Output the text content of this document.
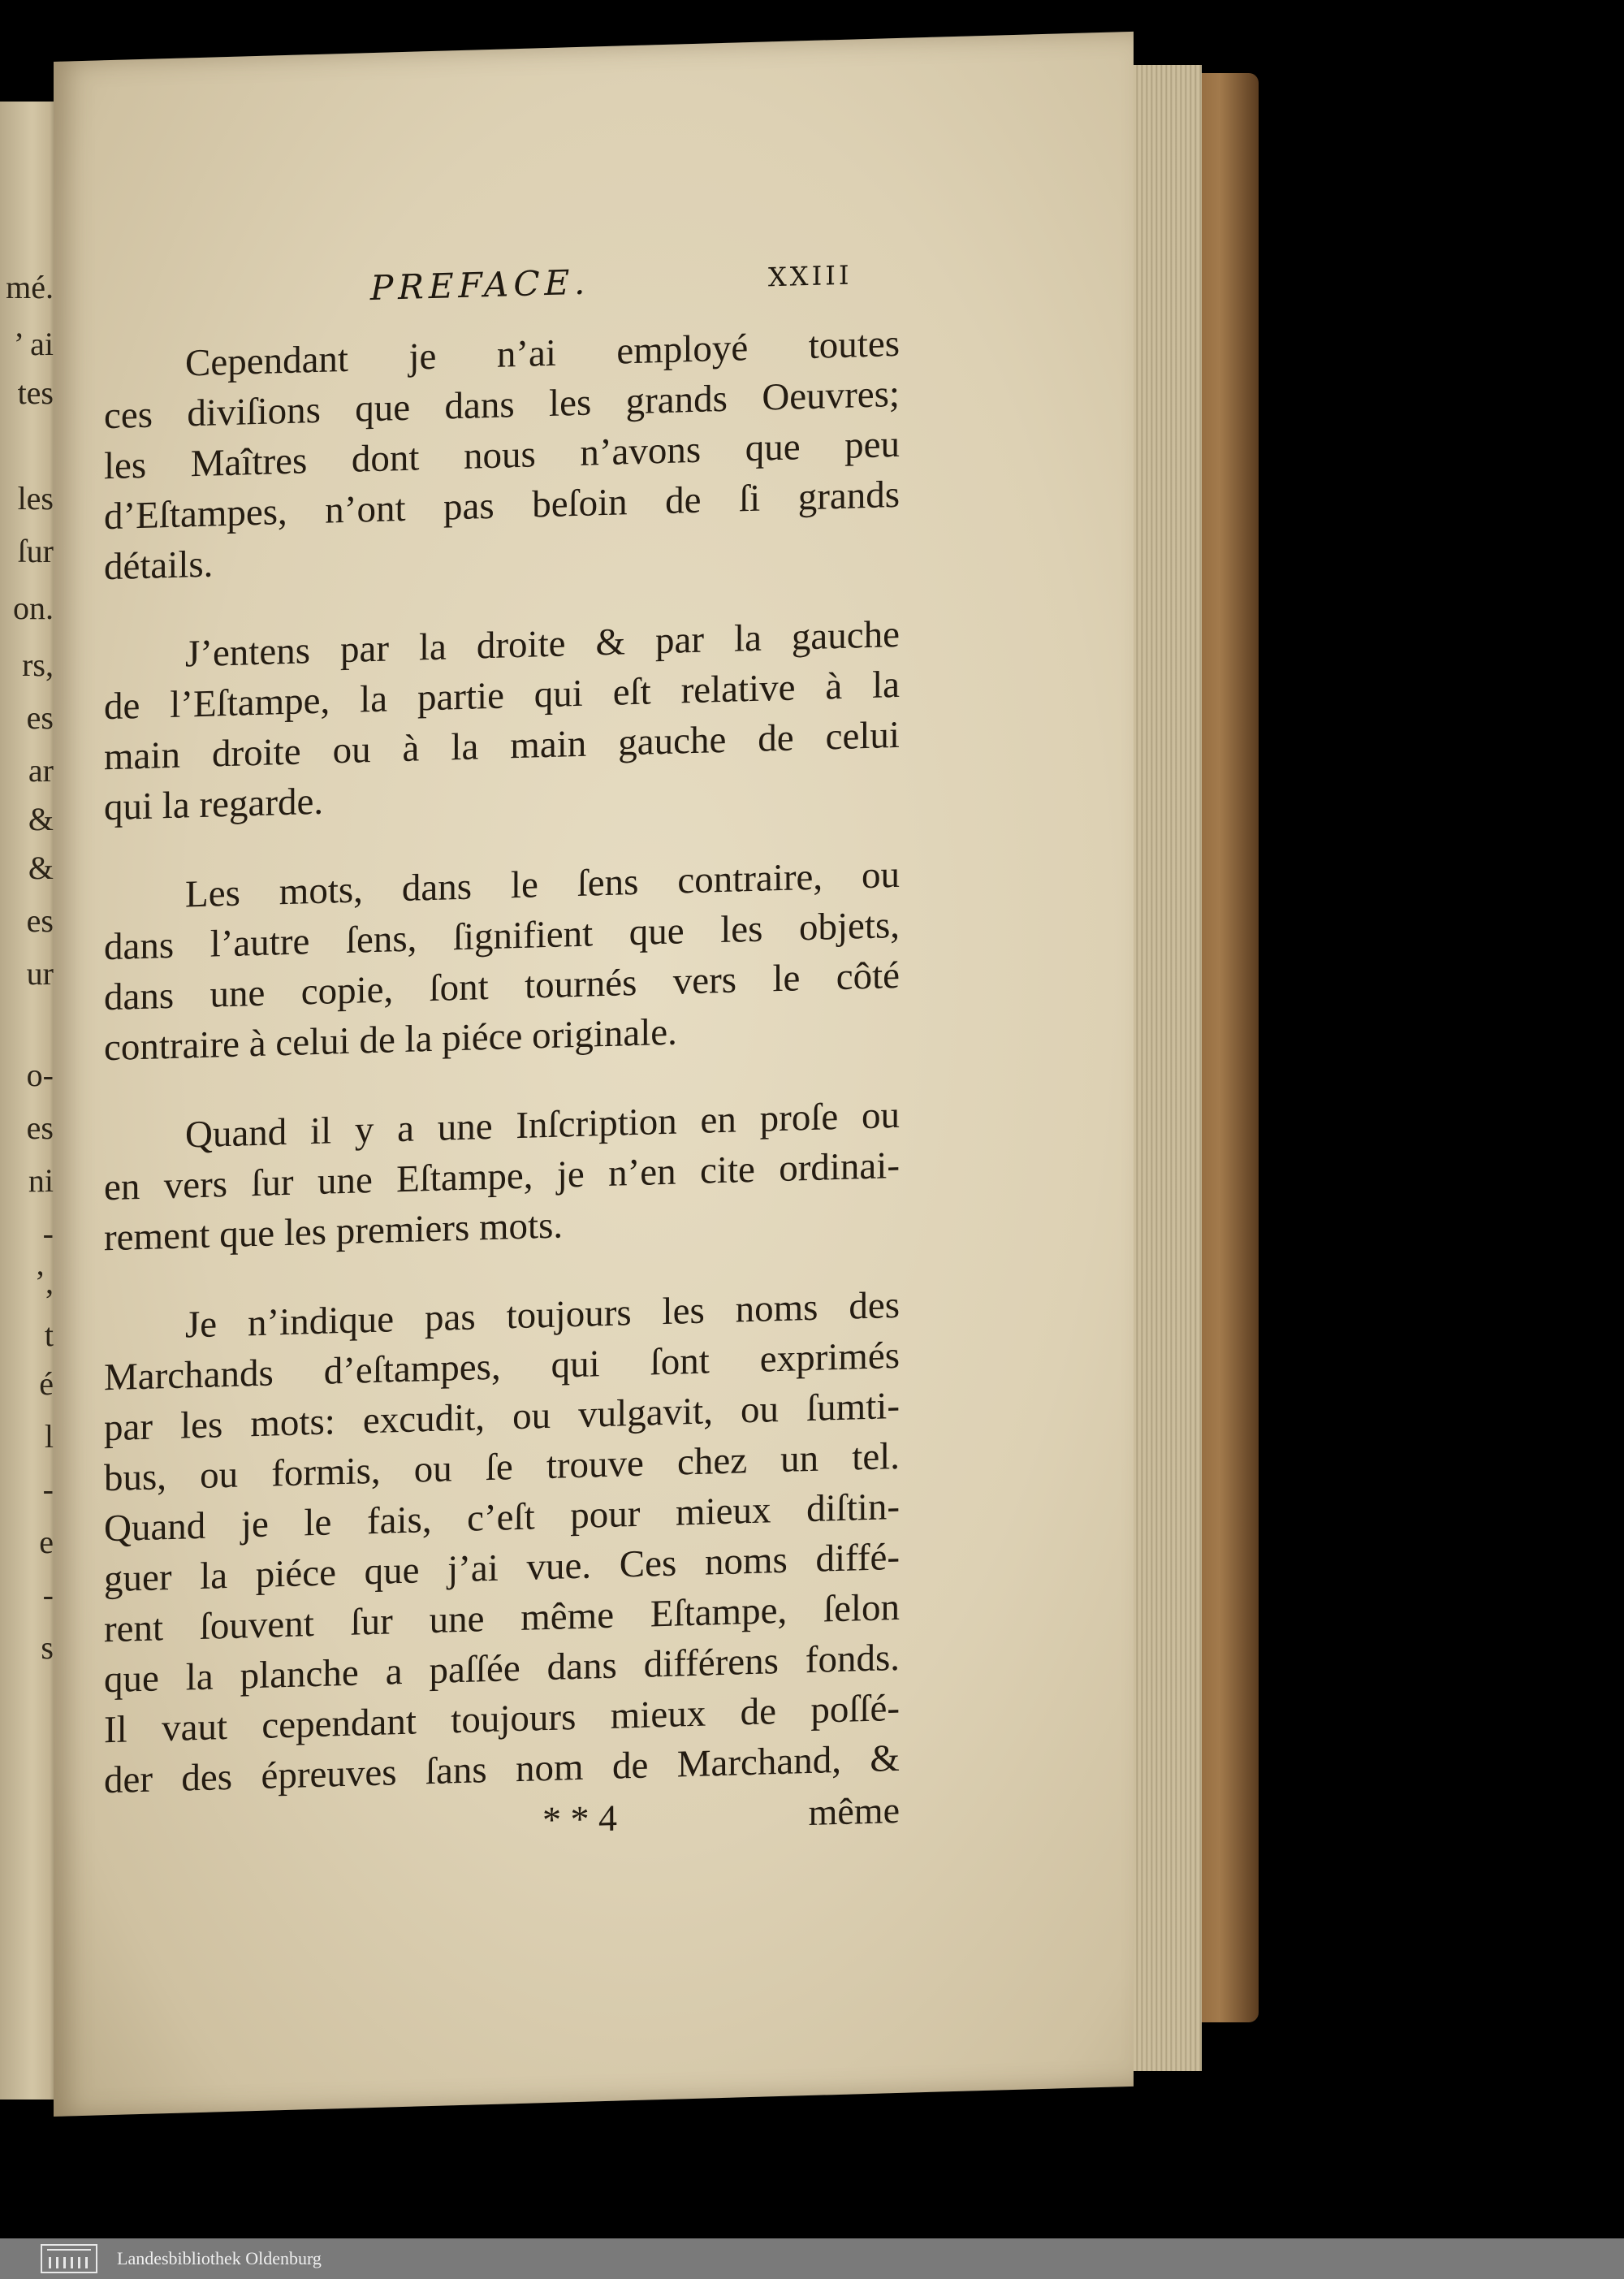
mé.
’ ai
tes
les
ſur
on.
rs,
es
ar
&
&
es
ur
o-
es
ni
-
’,
t
é
l
-
e
-
s
PREFACE.	XXIII
Cependant je n’ai employé toutes
ces diviſions que dans les grands Oeuvres;
les Maîtres dont nous n’avons que peu
d’Eſtampes, n’ont pas beſoin de ſi grands
détails.
J’entens par la droite & par la gauche
de l’Eſtampe, la partie qui eſt relative à la
main droite ou à la main gauche de celui
qui la regarde.
Les mots, dans le ſens contraire, ou
dans l’autre ſens, ſignifient que les objets,
dans une copie, ſont tournés vers le côté
contraire à celui de la piéce originale.
Quand il y a une Inſcription en proſe ou
en vers ſur une Eſtampe, je n’en cite ordinai-
rement que les premiers mots.
Je n’indique pas toujours les noms des
Marchands d’eſtampes, qui ſont exprimés
par les mots: excudit, ou vulgavit, ou ſumti-
bus, ou formis, ou ſe trouve chez un tel.
Quand je le fais, c’eſt pour mieux diſtin-
guer la piéce que j’ai vue. Ces noms diffé-
rent ſouvent ſur une même Eſtampe, ſelon
que la planche a paſſée dans différens fonds.
Il vaut cependant toujours mieux de poſſé-
der des épreuves ſans nom de Marchand, &
* * 4	même
Landesbibliothek Oldenburg
